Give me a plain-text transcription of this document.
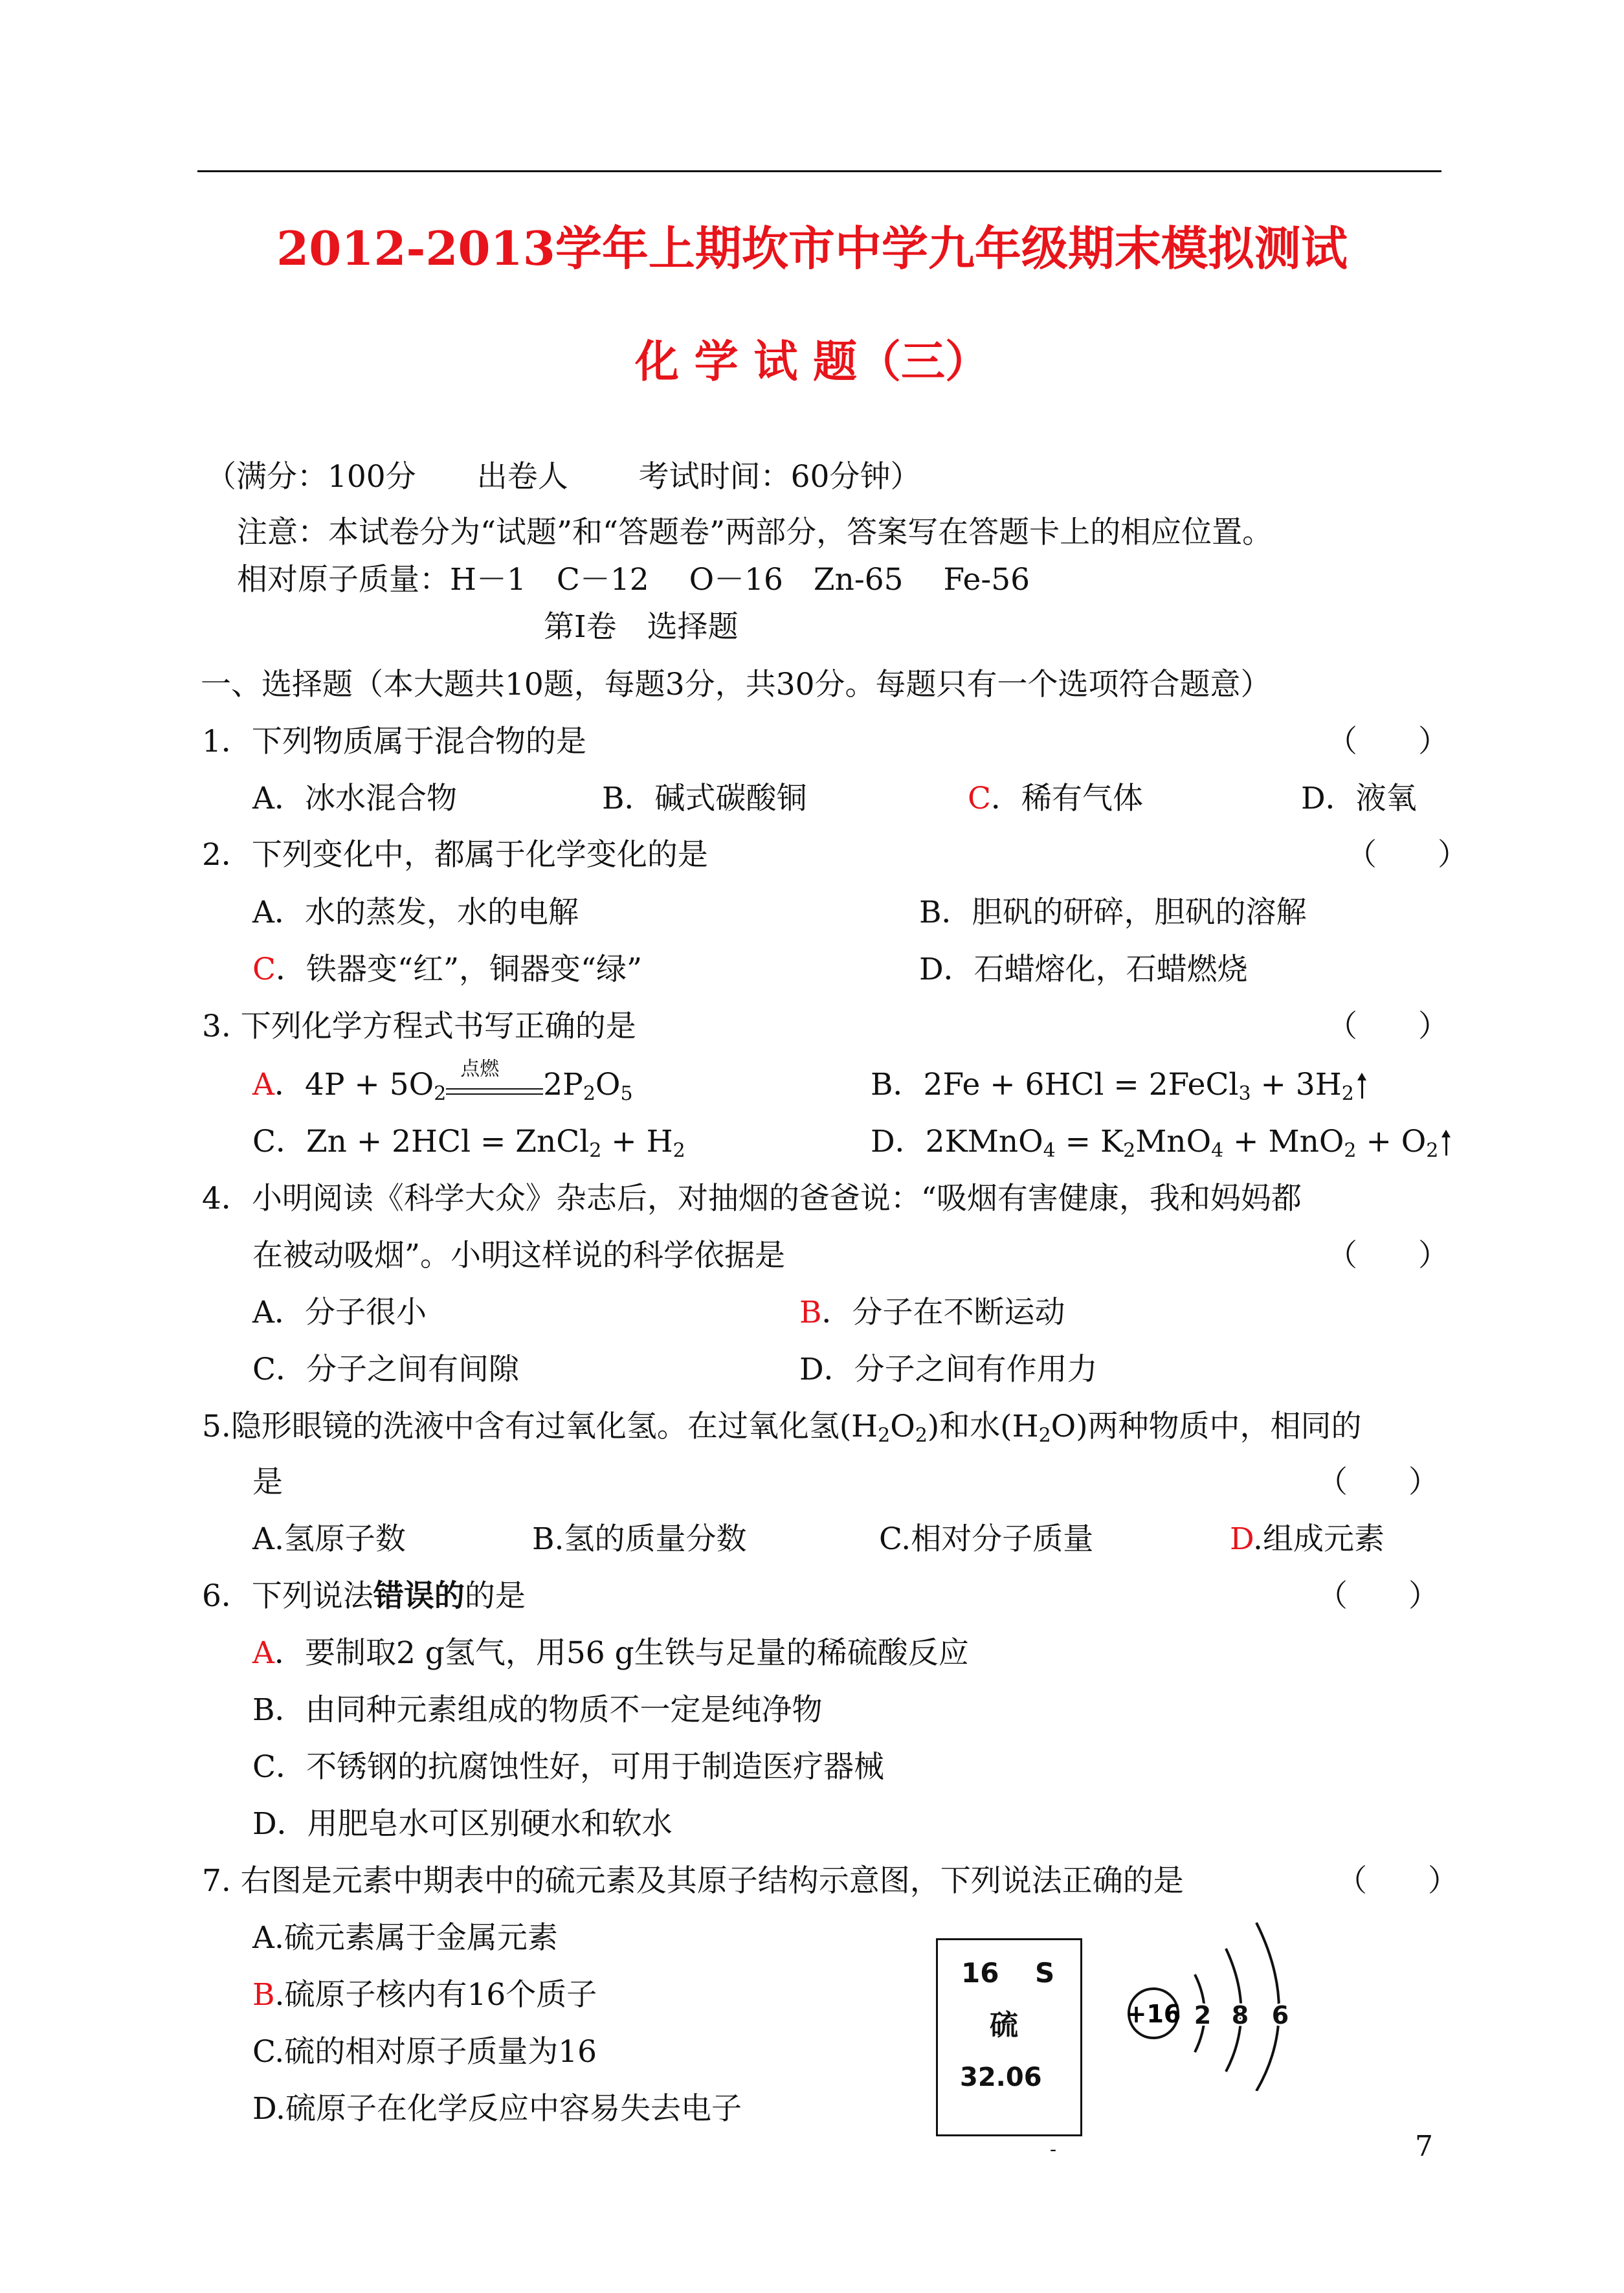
2012-2013学年上期坎市中学九年级期末模拟测试
化 学 试 题（三）
（满分：100分　　出卷人　　 考试时间：60分钟）
注意：本试卷分为“试题”和“答题卷”两部分，答案写在答题卡上的相应位置。
相对原子质量：H－1　C－12　 O－16　Zn-65　 Fe-56
第Ⅰ卷　选择题
一、选择题（本大题共10题，每题3分，共30分。每题只有一个选项符合题意）
1．下列物质属于混合物的是	（　　）
A．冰水混合物	B．碱式碳酸铜	C．稀有气体	D．液氧
2．下列变化中，都属于化学变化的是	（　　）
A．水的蒸发，水的电解	B．胆矾的研碎，胆矾的溶解
C．铁器变“红”，铜器变“绿”	D．石蜡熔化，石蜡燃烧
3. 下列化学方程式书写正确的是	（　　）
A．$4P + 5O_2$
点燃 $2P_2O_5$	B．2Fe + 6HCl = 2FeCl$_3$ + $3H_2$
C．Zn + 2HCl = ZnCl$_2$ + $H_2$	D．2KMnO$_4$ = $K_2MnO_4 + MnO_2 + O_2$
4．小明阅读《科学大众》杂志后，对抽烟的爸爸说：“吸烟有害健康，我和妈妈都
在被动吸烟”。小明这样说的科学依据是	（　　）
A．分子很小	B．分子在不断运动
C．分子之间有间隙	D．分子之间有作用力
5.隐形眼镜的洗液中含有过氧化氢。在过氧化氢$(H_2O_2)$和水$(H_2O)$两种物质中，相同的
是	（　　）
A.氢原子数	B.氢的质量分数	C.相对分子质量	D.组成元素
6．下列说法错误的的是	（　　）
A．要制取2 g氢气，用56 g生铁与足量的稀硫酸反应
B．由同种元素组成的物质不一定是纯净物
C．不锈钢的抗腐蚀性好，可用于制造医疗器械
D．用肥皂水可区别硬水和软水
7. 右图是元素中期表中的硫元素及其原子结构示意图，下列说法正确的是	（　　）
A.硫元素属于金属元素
B.硫原子核内有16个质子
C.硫的相对原子质量为16
D.硫原子在化学反应中容易失去电子
16 S
硫
32.06
-
+16 2 8 6
7
